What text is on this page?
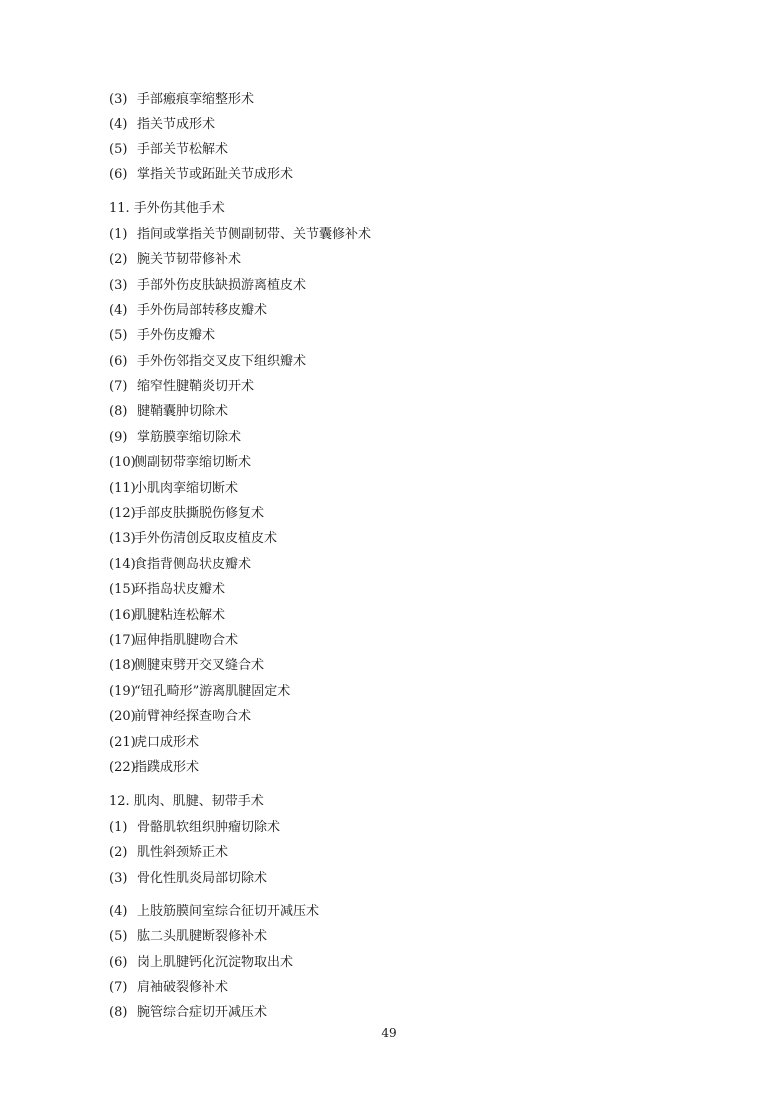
(3) 手部瘢痕挛缩整形术
(4) 指关节成形术
(5) 手部关节松解术
(6) 掌指关节或跖趾关节成形术
11. 手外伤其他手术
(1) 指间或掌指关节侧副韧带、关节囊修补术
(2) 腕关节韧带修补术
(3) 手部外伤皮肤缺损游离植皮术
(4) 手外伤局部转移皮瓣术
(5) 手外伤皮瓣术
(6) 手外伤邻指交叉皮下组织瓣术
(7) 缩窄性腱鞘炎切开术
(8) 腱鞘囊肿切除术
(9) 掌筋膜挛缩切除术
(10)
侧副韧带挛缩切断术
(11)
小肌肉挛缩切断术
(12)
手部皮肤撕脱伤修复术
(13)
手外伤清创反取皮植皮术
(14)
食指背侧岛状皮瓣术
(15)
环指岛状皮瓣术
(16)
肌腱粘连松解术
(17)
屈伸指肌腱吻合术
(18)
侧腱束劈开交叉缝合术
(19)
“钮孔畸形”游离肌腱固定术
(20)
前臂神经探查吻合术
(21)
虎口成形术
(22)
指蹼成形术
12. 肌肉、肌腱、韧带手术
(1) 骨骼肌软组织肿瘤切除术
(2) 肌性斜颈矫正术
(3) 骨化性肌炎局部切除术
(4) 上肢筋膜间室综合征切开减压术
(5) 肱二头肌腱断裂修补术
(6) 岗上肌腱钙化沉淀物取出术
(7) 肩袖破裂修补术
(8) 腕管综合症切开减压术
49
